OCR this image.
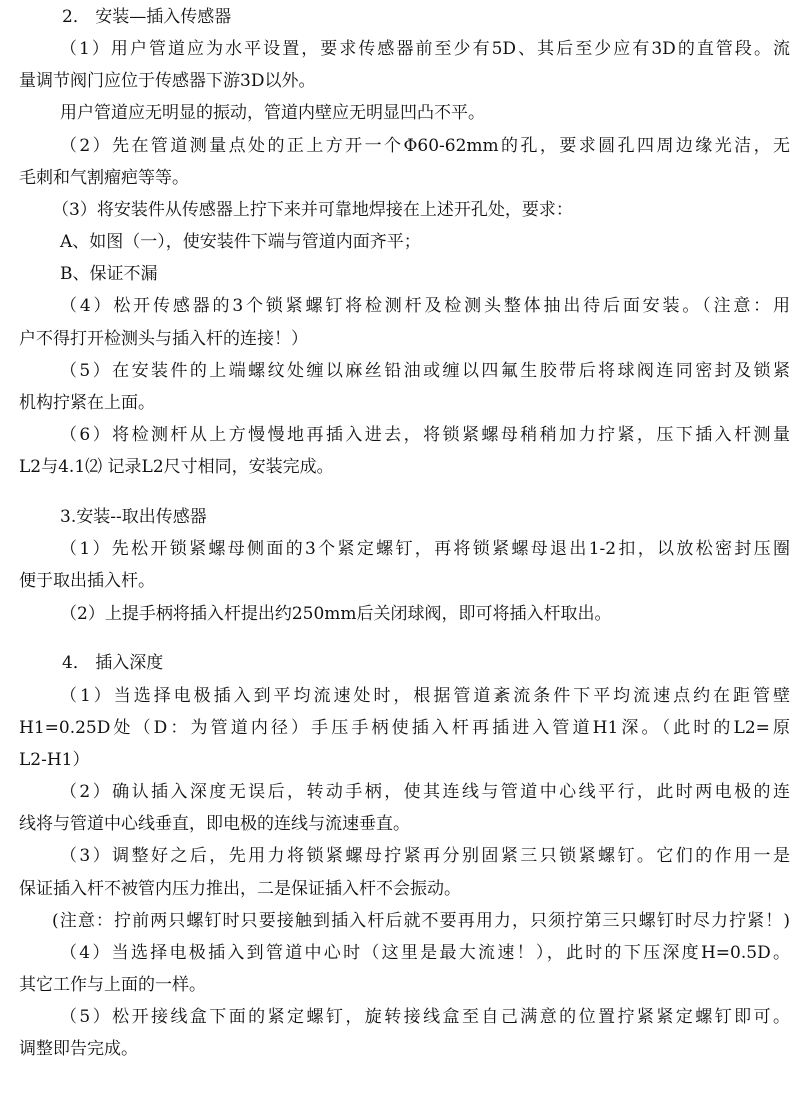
2． 安装—插入传感器
（1）用户管道应为水平设置，要求传感器前至少有5D、其后至少应有3D的直管段。流
量调节阀门应位于传感器下游3D以外。
用户管道应无明显的振动，管道内壁应无明显凹凸不平。
（2）先在管道测量点处的正上方开一个Φ60-62mm的孔，要求圆孔四周边缘光洁，无
毛刺和气割瘤疤等等。
（3）将安装件从传感器上拧下来并可靠地焊接在上述开孔处，要求：
A、如图（一），使安装件下端与管道内面齐平；
B、保证不漏
（4）松开传感器的3个锁紧螺钉将检测杆及检测头整体抽出待后面安装。（注意：用
户不得打开检测头与插入杆的连接！）
（5）在安装件的上端螺纹处缠以麻丝铅油或缠以四氟生胶带后将球阀连同密封及锁紧
机构拧紧在上面。
（6）将检测杆从上方慢慢地再插入进去，将锁紧螺母稍稍加力拧紧，压下插入杆测量
L2与4.1⑵ 记录L2尺寸相同，安装完成。
3.安装--取出传感器
（1）先松开锁紧螺母侧面的3个紧定螺钉，再将锁紧螺母退出1-2扣，以放松密封压圈
便于取出插入杆。
（2）上提手柄将插入杆提出约250mm后关闭球阀，即可将插入杆取出。
4． 插入深度
（1）当选择电极插入到平均流速处时，根据管道紊流条件下平均流速点约在距管壁
H1=0.25D处（D：为管道内径）手压手柄使插入杆再插进入管道H1深。（此时的L2=原
L2-H1）
（2）确认插入深度无误后，转动手柄，使其连线与管道中心线平行，此时两电极的连
线将与管道中心线垂直，即电极的连线与流速垂直。
（3）调整好之后，先用力将锁紧螺母拧紧再分别固紧三只锁紧螺钉。它们的作用一是
保证插入杆不被管内压力推出，二是保证插入杆不会振动。
(注意：拧前两只螺钉时只要接触到插入杆后就不要再用力，只须拧第三只螺钉时尽力拧紧！)
（4）当选择电极插入到管道中心时（这里是最大流速！），此时的下压深度H=0.5D。
其它工作与上面的一样。
（5）松开接线盒下面的紧定螺钉，旋转接线盒至自己满意的位置拧紧紧定螺钉即可。
调整即告完成。
